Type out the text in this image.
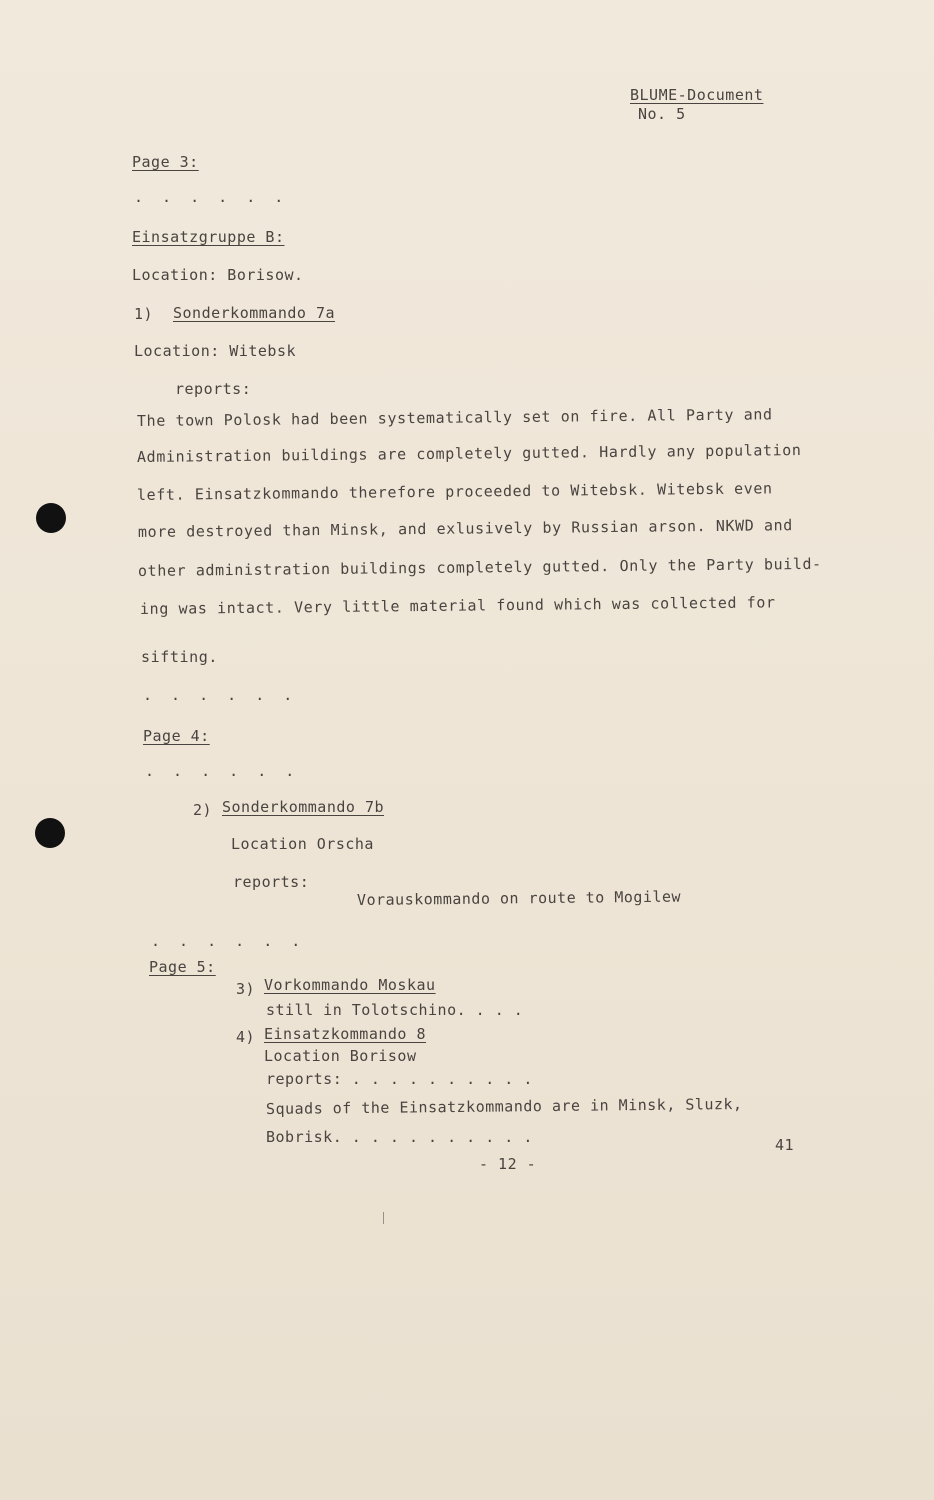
BLUME-Document
No. 5
Page 3:
. . . . . .
Einsatzgruppe B:
Location: Borisow.
1) Sonderkommando 7a
Location: Witebsk
reports:
The town Polosk had been systematically set on fire. All Party and
Administration buildings are completely gutted. Hardly any population
left. Einsatzkommando therefore proceeded to Witebsk. Witebsk even
more destroyed than Minsk, and exlusively by Russian arson. NKWD and
other administration buildings completely gutted. Only the Party build-
ing was intact. Very little material found which was collected for
sifting.
. . . . . .
Page 4:
. . . . . .
2) Sonderkommando 7b
Location Orscha
reports:
Vorauskommando on route to Mogilew
. . . . . .
Page 5:
3) Vorkommando Moskau
still in Tolotschino. . . .
4) Einsatzkommando 8
Location Borisow
reports: . . . . . . . . . .
Squads of the Einsatzkommando are in Minsk, Sluzk,
Bobrisk. . . . . . . . . . .	41
- 12 -
